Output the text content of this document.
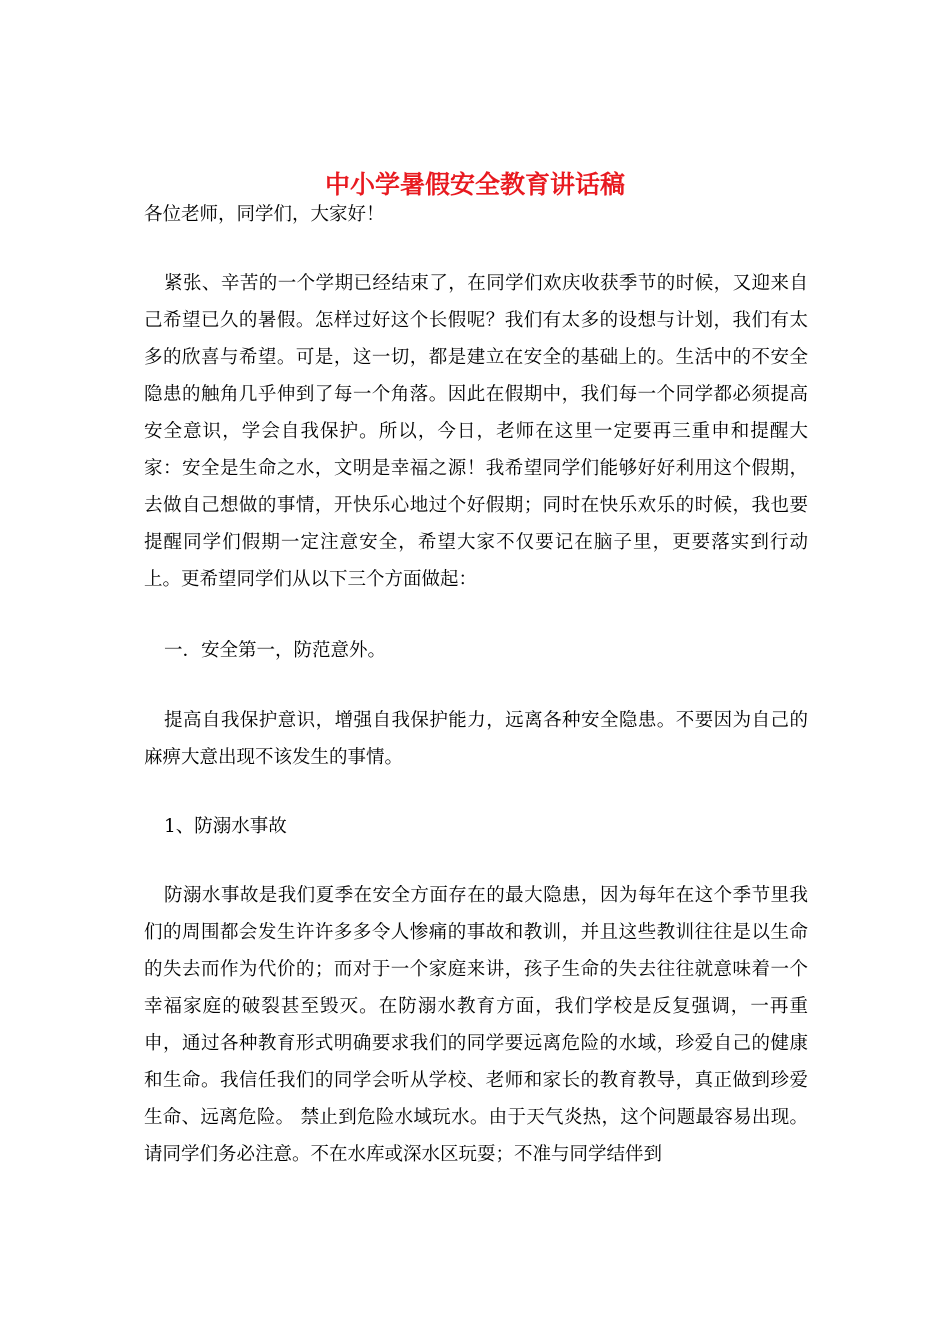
中小学暑假安全教育讲话稿

各位老师，同学们，大家好！

紧张、辛苦的一个学期已经结束了，在同学们欢庆收获季节的时候，又迎来自己希望已久的暑假。怎样过好这个长假呢？我们有太多的设想与计划，我们有太多的欣喜与希望。可是，这一切，都是建立在安全的基础上的。生活中的不安全隐患的触角几乎伸到了每一个角落。因此在假期中，我们每一个同学都必须提高安全意识，学会自我保护。所以，今日，老师在这里一定要再三重申和提醒大家：安全是生命之水，文明是幸福之源！我希望同学们能够好好利用这个假期，去做自己想做的事情，开快乐心地过个好假期；同时在快乐欢乐的时候，我也要提醒同学们假期一定注意安全，希望大家不仅要记在脑子里，更要落实到行动上。更希望同学们从以下三个方面做起：

一．安全第一，防范意外。

提高自我保护意识，增强自我保护能力，远离各种安全隐患。不要因为自己的麻痹大意出现不该发生的事情。

1、防溺水事故

防溺水事故是我们夏季在安全方面存在的最大隐患，因为每年在这个季节里我们的周围都会发生许许多多令人惨痛的事故和教训，并且这些教训往往是以生命的失去而作为代价的；而对于一个家庭来讲，孩子生命的失去往往就意味着一个幸福家庭的破裂甚至毁灭。在防溺水教育方面，我们学校是反复强调，一再重申，通过各种教育形式明确要求我们的同学要远离危险的水域，珍爱自己的健康和生命。我信任我们的同学会听从学校、老师和家长的教育教导，真正做到珍爱生命、远离危险。 禁止到危险水域玩水。由于天气炎热，这个问题最容易出现。请同学们务必注意。不在水库或深水区玩耍；不准与同学结伴到
